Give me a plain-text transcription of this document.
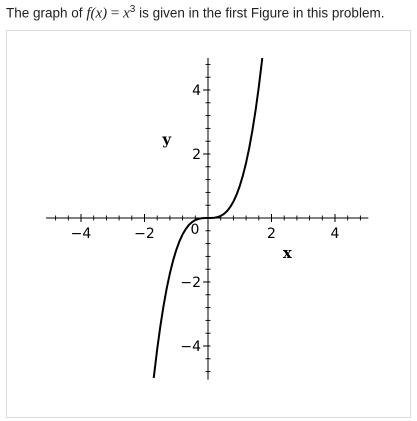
The graph of $f(x) = x^3$ is given in the first Figure in this problem.
−4	−2	2	4
−4
−2
2
4
0
x
y
